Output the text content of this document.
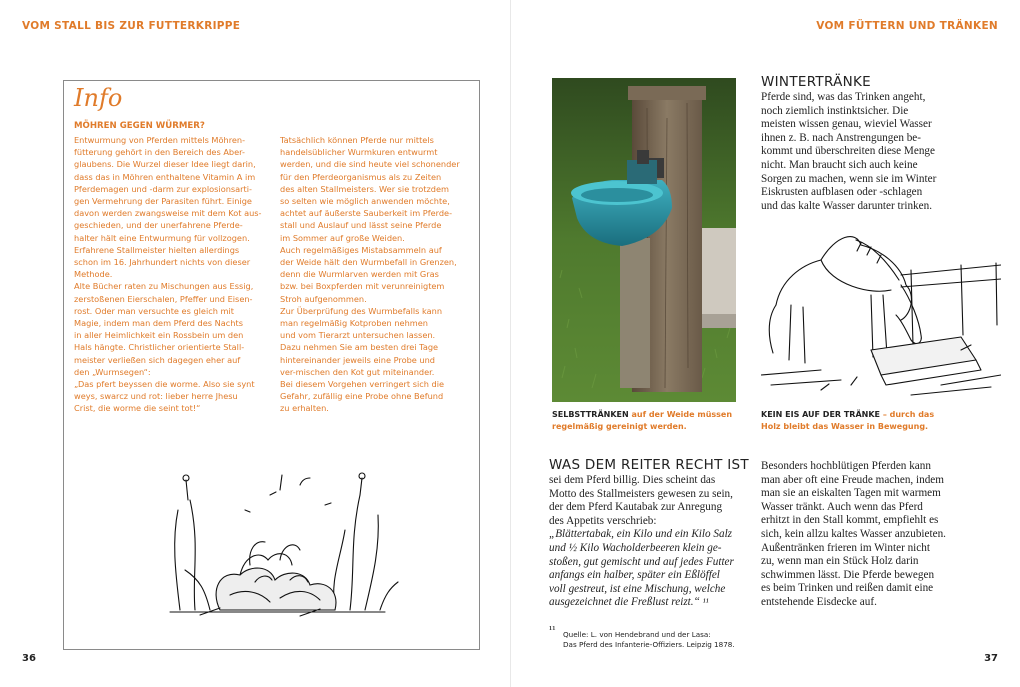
VOM STALL BIS ZUR FUTTERKRIPPE	VOM FÜTTERN UND TRÄNKEN
Info
MÖHREN GEGEN WÜRMER?

Entwurmung von Pferden mittels Möhren-

fütterung gehört in den Bereich des Aber-

glaubens. Die Wurzel dieser Idee liegt darin,

dass das in Möhren enthaltene Vitamin A im

Pferdemagen und -darm zur explosionsarti-

gen Vermehrung der Parasiten führt. Einige

davon werden zwangsweise mit dem Kot aus-

geschieden, und der unerfahrene Pferde-

halter hält eine Entwurmung für vollzogen.

Erfahrene Stallmeister hielten allerdings

schon im 16. Jahrhundert nichts von dieser

Methode.

Alte Bücher raten zu Mischungen aus Essig,

zerstoßenen Eierschalen, Pfeffer und Eisen-

rost. Oder man versuchte es gleich mit

Magie, indem man dem Pferd des Nachts

in aller Heimlichkeit ein Rossbein um den

Hals hängte. Christlicher orientierte Stall-

meister verließen sich dagegen eher auf

den „Wurmsegen“:

„Das pfert beyssen die worme. Also sie synt

weys, swarcz und rot: lieber herre Jhesu

Crist, die worme die seint tot!“

Tatsächlich können Pferde nur mittels

handelsüblicher Wurmkuren entwurmt

werden, und die sind heute viel schonender

für den Pferdeorganismus als zu Zeiten

des alten Stallmeisters. Wer sie trotzdem

so selten wie möglich anwenden möchte,

achtet auf äußerste Sauberkeit im Pferde-

stall und Auslauf und lässt seine Pferde

im Sommer auf große Weiden.

Auch regelmäßiges Mistabsammeln auf

der Weide hält den Wurmbefall in Grenzen,

denn die Wurmlarven werden mit Gras

bzw. bei Boxpferden mit verunreinigtem

Stroh aufgenommen.

Zur Überprüfung des Wurmbefalls kann

man regelmäßig Kotproben nehmen

und vom Tierarzt untersuchen lassen.

Dazu nehmen Sie am besten drei Tage

hintereinander jeweils eine Probe und

ver-mischen den Kot gut miteinander.

Bei diesem Vorgehen verringert sich die

Gefahr, zufällig eine Probe ohne Befund

zu erhalten.

SELBSTTRÄNKEN auf der Weide müssen
regelmäßig gereinigt werden.
WINTERTRÄNKE

Pferde sind, was das Trinken angeht,

noch ziemlich instinktsicher. Die

meisten wissen genau, wieviel Wasser

ihnen z. B. nach Anstrengungen be-

kommt und überschreiten diese Menge

nicht. Man braucht sich auch keine

Sorgen zu machen, wenn sie im Winter

Eiskrusten aufblasen oder -schlagen

und das kalte Wasser darunter trinken.

KEIN EIS AUF DER TRÄNKE – durch das
Holz bleibt das Wasser in Bewegung.
WAS DEM REITER RECHT IST

sei dem Pferd billig. Dies scheint das

Motto des Stallmeisters gewesen zu sein,

der dem Pferd Kautabak zur Anregung

des Appetits verschrieb:

„Blättertabak, ein Kilo und ein Kilo Salz

und ½ Kilo Wacholderbeeren klein ge-

stoßen, gut gemischt und auf jedes Futter

anfangs ein halber, später ein Eßlöffel

voll gestreut, ist eine Mischung, welche

ausgezeichnet die Freßlust reizt.“ ¹¹

Besonders hochblütigen Pferden kann

man aber oft eine Freude machen, indem

man sie an eiskalten Tagen mit warmem

Wasser tränkt. Auch wenn das Pferd

erhitzt in den Stall kommt, empfiehlt es

sich, kein allzu kaltes Wasser anzubieten.

Außentränken frieren im Winter nicht

zu, wenn man ein Stück Holz darin

schwimmen lässt. Die Pferde bewegen

es beim Trinken und reißen damit eine

entstehende Eisdecke auf.

¹¹ Quelle: L. von Hendebrand und der Lasa:
Das Pferd des Infanterie-Offiziers. Leipzig 1878.
36	37
